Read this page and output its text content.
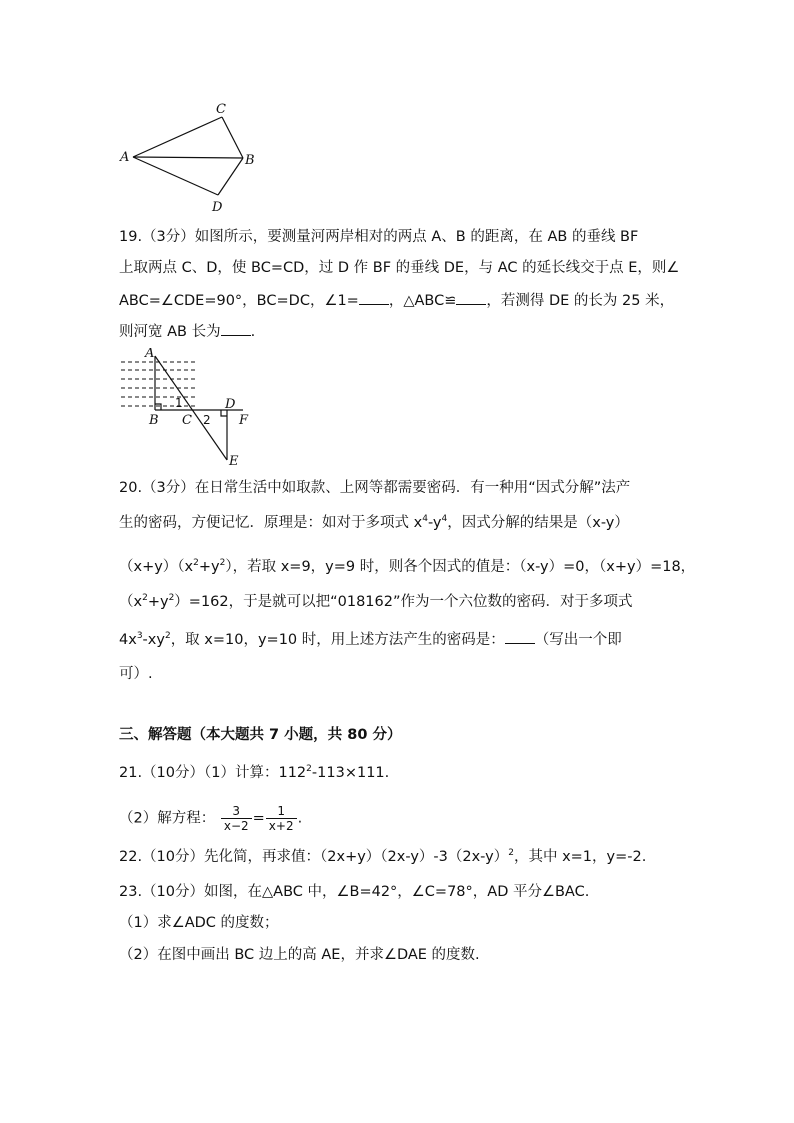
C
A	B
D
19.（3分）如图所示，要测量河两岸相对的两点 A、B 的距离，在 AB 的垂线 BF
上取两点 C、D，使 BC=CD，过 D 作 BF 的垂线 DE，与 AC 的延长线交于点 E，则∠
ABC=∠CDE=90°，BC=DC，∠1= ，△ABC≌ ，若测得 DE 的长为 25 米，
则河宽 AB 长为 .
A
B C
D
F
E
1
2
20.（3分）在日常生活中如取款、上网等都需要密码．有一种用“因式分解”法产
生的密码，方便记忆．原理是：如对于多项式 $x^4-y^4$，因式分解的结果是（x-y）
$(x+y)(x^2+y^2)$，若取 x=9，y=9 时，则各个因式的值是：（x-y）=0，（x+y）=18，
$(x^2+y^2)=162$，于是就可以把“018162”作为一个六位数的密码．对于多项式
$4x^3-xy^2$，取 x=10，y=10 时，用上述方法产生的密码是： （写出一个即
可）.
三、解答题（本大题共 7 小题，共 80 分）
21.（10分）（1）计算：$112^2-113\times 111$.
（2）解方程： $\frac{3}{x-2} = \frac{1}{x+2}$ .
22.（10分）先化简，再求值：$(2x+y)(2x-y)-3(2x-y)^2$，其中 x=1，y=-2.
23.（10分）如图，在△ABC 中，∠B=42°，∠C=78°，AD 平分∠BAC.
（1）求∠ADC 的度数；
（2）在图中画出 BC 边上的高 AE，并求∠DAE 的度数.
